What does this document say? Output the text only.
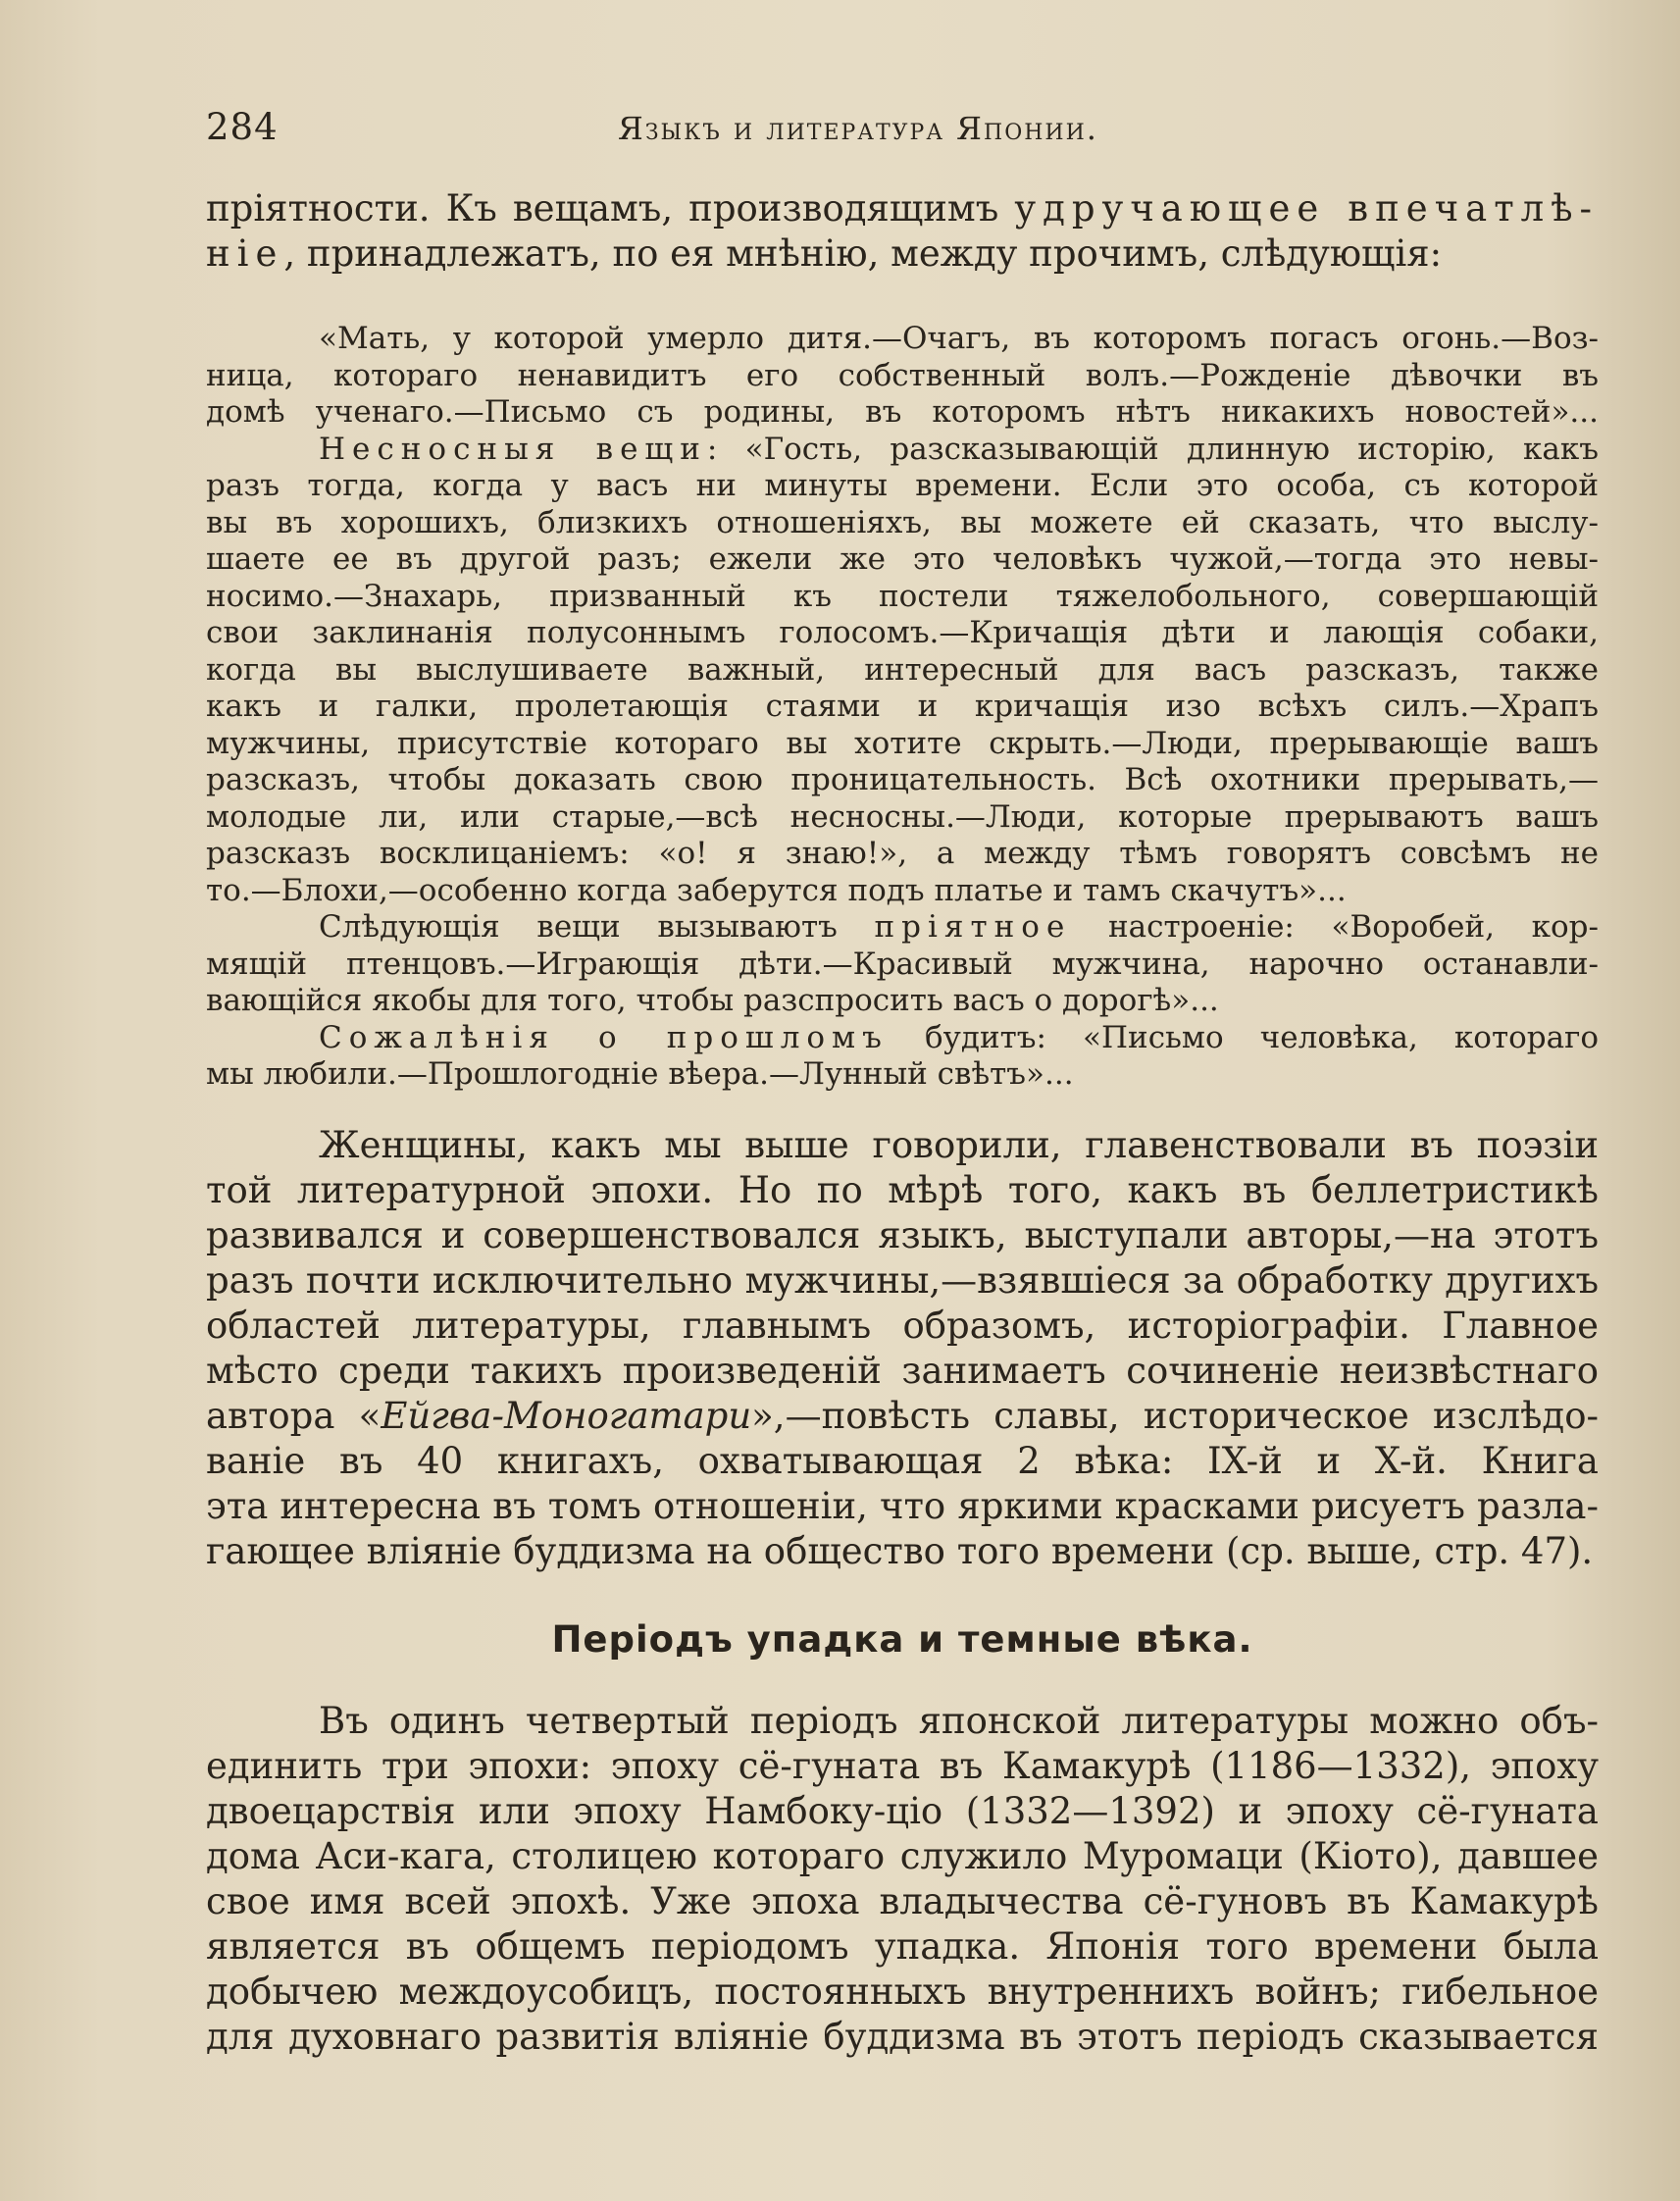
284	Языкъ и литература Японии.
пріятности. Къ вещамъ, производящимъ удручающее впечатлѣ-
ніе, принадлежатъ, по ея мнѣнію, между прочимъ, слѣдующія:
«Мать, у которой умерло дитя.—Очагъ, въ которомъ погасъ огонь.—Воз-
ница, котораго ненавидитъ его собственный волъ.—Рожденіе дѣвочки въ
домѣ ученаго.—Письмо съ родины, въ которомъ нѣтъ никакихъ новостей»...
Несносныя вещи: «Гость, разсказывающій длинную исторію, какъ
разъ тогда, когда у васъ ни минуты времени. Если это особа, съ которой
вы въ хорошихъ, близкихъ отношеніяхъ, вы можете ей сказать, что выслу-
шаете ее въ другой разъ; ежели же это человѣкъ чужой,—тогда это невы-
носимо.—Знахарь, призванный къ постели тяжелобольного, совершающій
свои заклинанія полусоннымъ голосомъ.—Кричащія дѣти и лающія собаки,
когда вы выслушиваете важный, интересный для васъ разсказъ, также
какъ и галки, пролетающія стаями и кричащія изо всѣхъ силъ.—Храпъ
мужчины, присутствіе котораго вы хотите скрыть.—Люди, прерывающіе вашъ
разсказъ, чтобы доказать свою проницательность. Всѣ охотники прерывать,—
молодые ли, или старые,—всѣ несносны.—Люди, которые прерываютъ вашъ
разсказъ восклицаніемъ: «о! я знаю!», а между тѣмъ говорятъ совсѣмъ не
то.—Блохи,—особенно когда заберутся подъ платье и тамъ скачутъ»...
Слѣдующія вещи вызываютъ пріятное настроеніе: «Воробей, кор-
мящій птенцовъ.—Играющія дѣти.—Красивый мужчина, нарочно останавли-
вающійся якобы для того, чтобы разспросить васъ о дорогѣ»...
Сожалѣнія о прошломъ будитъ: «Письмо человѣка, котораго
мы любили.—Прошлогодніе вѣера.—Лунный свѣтъ»...
Женщины, какъ мы выше говорили, главенствовали въ поэзіи
той литературной эпохи. Но по мѣрѣ того, какъ въ беллетристикѣ
развивался и совершенствовался языкъ, выступали авторы,—на этотъ
разъ почти исключительно мужчины,—взявшіеся за обработку другихъ
областей литературы, главнымъ образомъ, исторіографіи. Главное
мѣсто среди такихъ произведеній занимаетъ сочиненіе неизвѣстнаго
автора «Ейгва-Моногатари»,—повѣсть славы, историческое изслѣдо-
ваніе въ 40 книгахъ, охватывающая 2 вѣка: IX-й и X-й. Книга
эта интересна въ томъ отношеніи, что яркими красками рисуетъ разла-
гающее вліяніе буддизма на общество того времени (ср. выше, стр. 47).
Періодъ упадка и темные вѣка.
Въ одинъ четвертый періодъ японской литературы можно объ-
единить три эпохи: эпоху сё-гуната въ Камакурѣ (1186—1332), эпоху
двоецарствія или эпоху Намбоку-ціо (1332—1392) и эпоху сё-гуната
дома Аси-кага, столицею котораго служило Муромаци (Кіото), давшее
свое имя всей эпохѣ. Уже эпоха владычества сё-гуновъ въ Камакурѣ
является въ общемъ періодомъ упадка. Японія того времени была
добычею междоусобицъ, постоянныхъ внутреннихъ войнъ; гибельное
для духовнаго развитія вліяніе буддизма въ этотъ періодъ сказывается
